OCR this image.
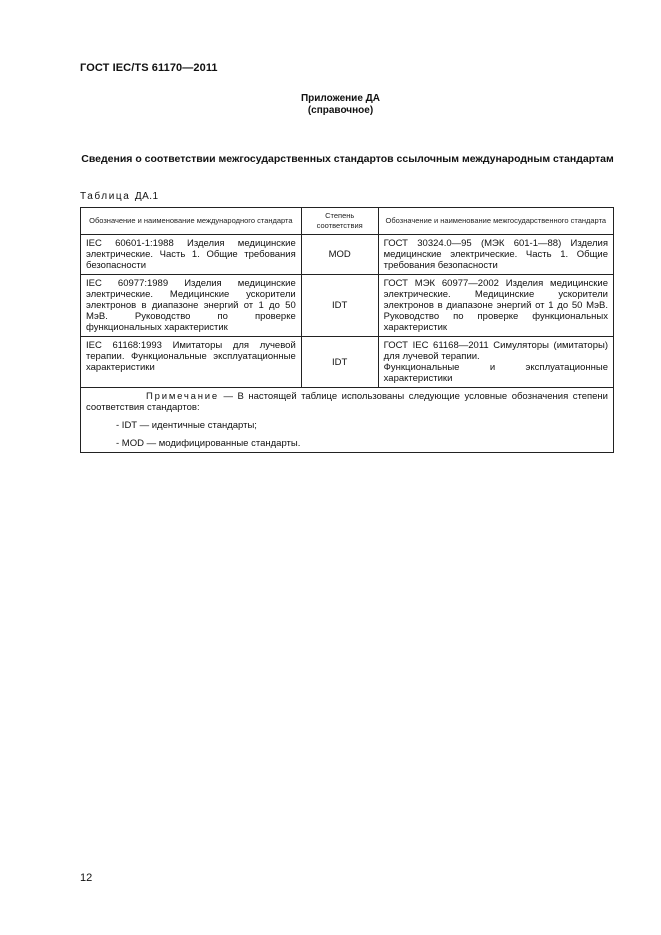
ГОСТ IEC/TS 61170—2011
Приложение ДА
(справочное)
Сведения о соответствии межгосударственных стандартов ссылочным международным стандартам
Таблица ДА.1
Обозначение и наименование международного стандарта	Степень соответствия	Обозначение и наименование межгосударственного стандарта
IEC 60601-1:1988 Изделия медицинские электрические. Часть 1. Общие требования безопасности	MOD	ГОСТ 30324.0—95 (МЭК 601-1—88) Изделия медицинские электрические. Часть 1. Общие требования безопасности
IEC 60977:1989 Изделия медицинские электрические. Медицинские ускорители электронов в диапазоне энергий от 1 до 50 МэВ. Руководство по проверке функциональных характеристик	IDT	ГОСТ МЭК 60977—2002 Изделия медицинские электрические. Медицинские ускорители электронов в диапазоне энергий от 1 до 50 МэВ. Руководство по проверке функциональных характеристик
IEC 61168:1993 Имитаторы для лучевой терапии. Функциональные эксплуатационные характеристики	IDT	ГОСТ IEC 61168—2011 Симуляторы (имитаторы) для лучевой терапии.
Функциональные и эксплуатационные характеристики

Примечание — В настоящей таблице использованы следующие условные обозначения степени соответствия стандартов:

- IDT — идентичные стандарты;

- MOD — модифицированные стандарты.		

12
